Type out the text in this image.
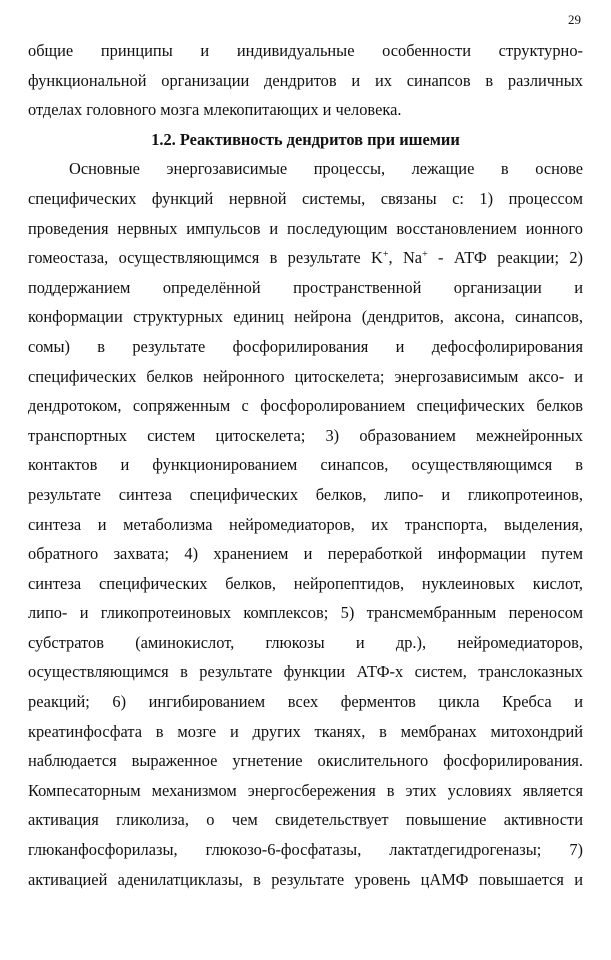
29
общие принципы и индивидуальные особенности структурно-
функциональной организации дендритов и их синапсов в различных
отделах головного мозга млекопитающих и человека.
1.2. Реактивность дендритов при ишемии
Основные энергозависимые процессы, лежащие в основе
специфических функций нервной системы, связаны с: 1) процессом
проведения нервных импульсов и последующим восстановлением ионного
гомеостаза, осуществляющимся в результате K+, Na+ - АТФ реакции; 2)
поддержанием определённой пространственной организации и
конформации структурных единиц нейрона (дендритов, аксона, синапсов,
сомы) в результате фосфорилирования и дефосфолирирования
специфических белков нейронного цитоскелета; энергозависимым аксо- и
дендротоком, сопряженным с фосфоролированием специфических белков
транспортных систем цитоскелета; 3) образованием межнейронных
контактов и функционированием синапсов, осуществляющимся в
результате синтеза специфических белков, липо- и гликопротеинов,
синтеза и метаболизма нейромедиаторов, их транспорта, выделения,
обратного захвата; 4) хранением и переработкой информации путем
синтеза специфических белков, нейропептидов, нуклеиновых кислот,
липо- и гликопротеиновых комплексов; 5) трансмембранным переносом
субстратов (аминокислот, глюкозы и др.), нейромедиаторов,
осуществляющимся в результате функции АТФ-х систем, транслоказных
реакций; 6) ингибированием всех ферментов цикла Кребса и
креатинфосфата в мозге и других тканях, в мембранах митохондрий
наблюдается выраженное угнетение окислительного фосфорилирования.
Компесаторным механизмом энергосбережения в этих условиях является
активация гликолиза, о чем свидетельствует повышение активности
глюканфосфорилазы, глюкозо-6-фосфатазы, лактатдегидрогеназы; 7)
активацией аденилатциклазы, в результате уровень цАМФ повышается и
